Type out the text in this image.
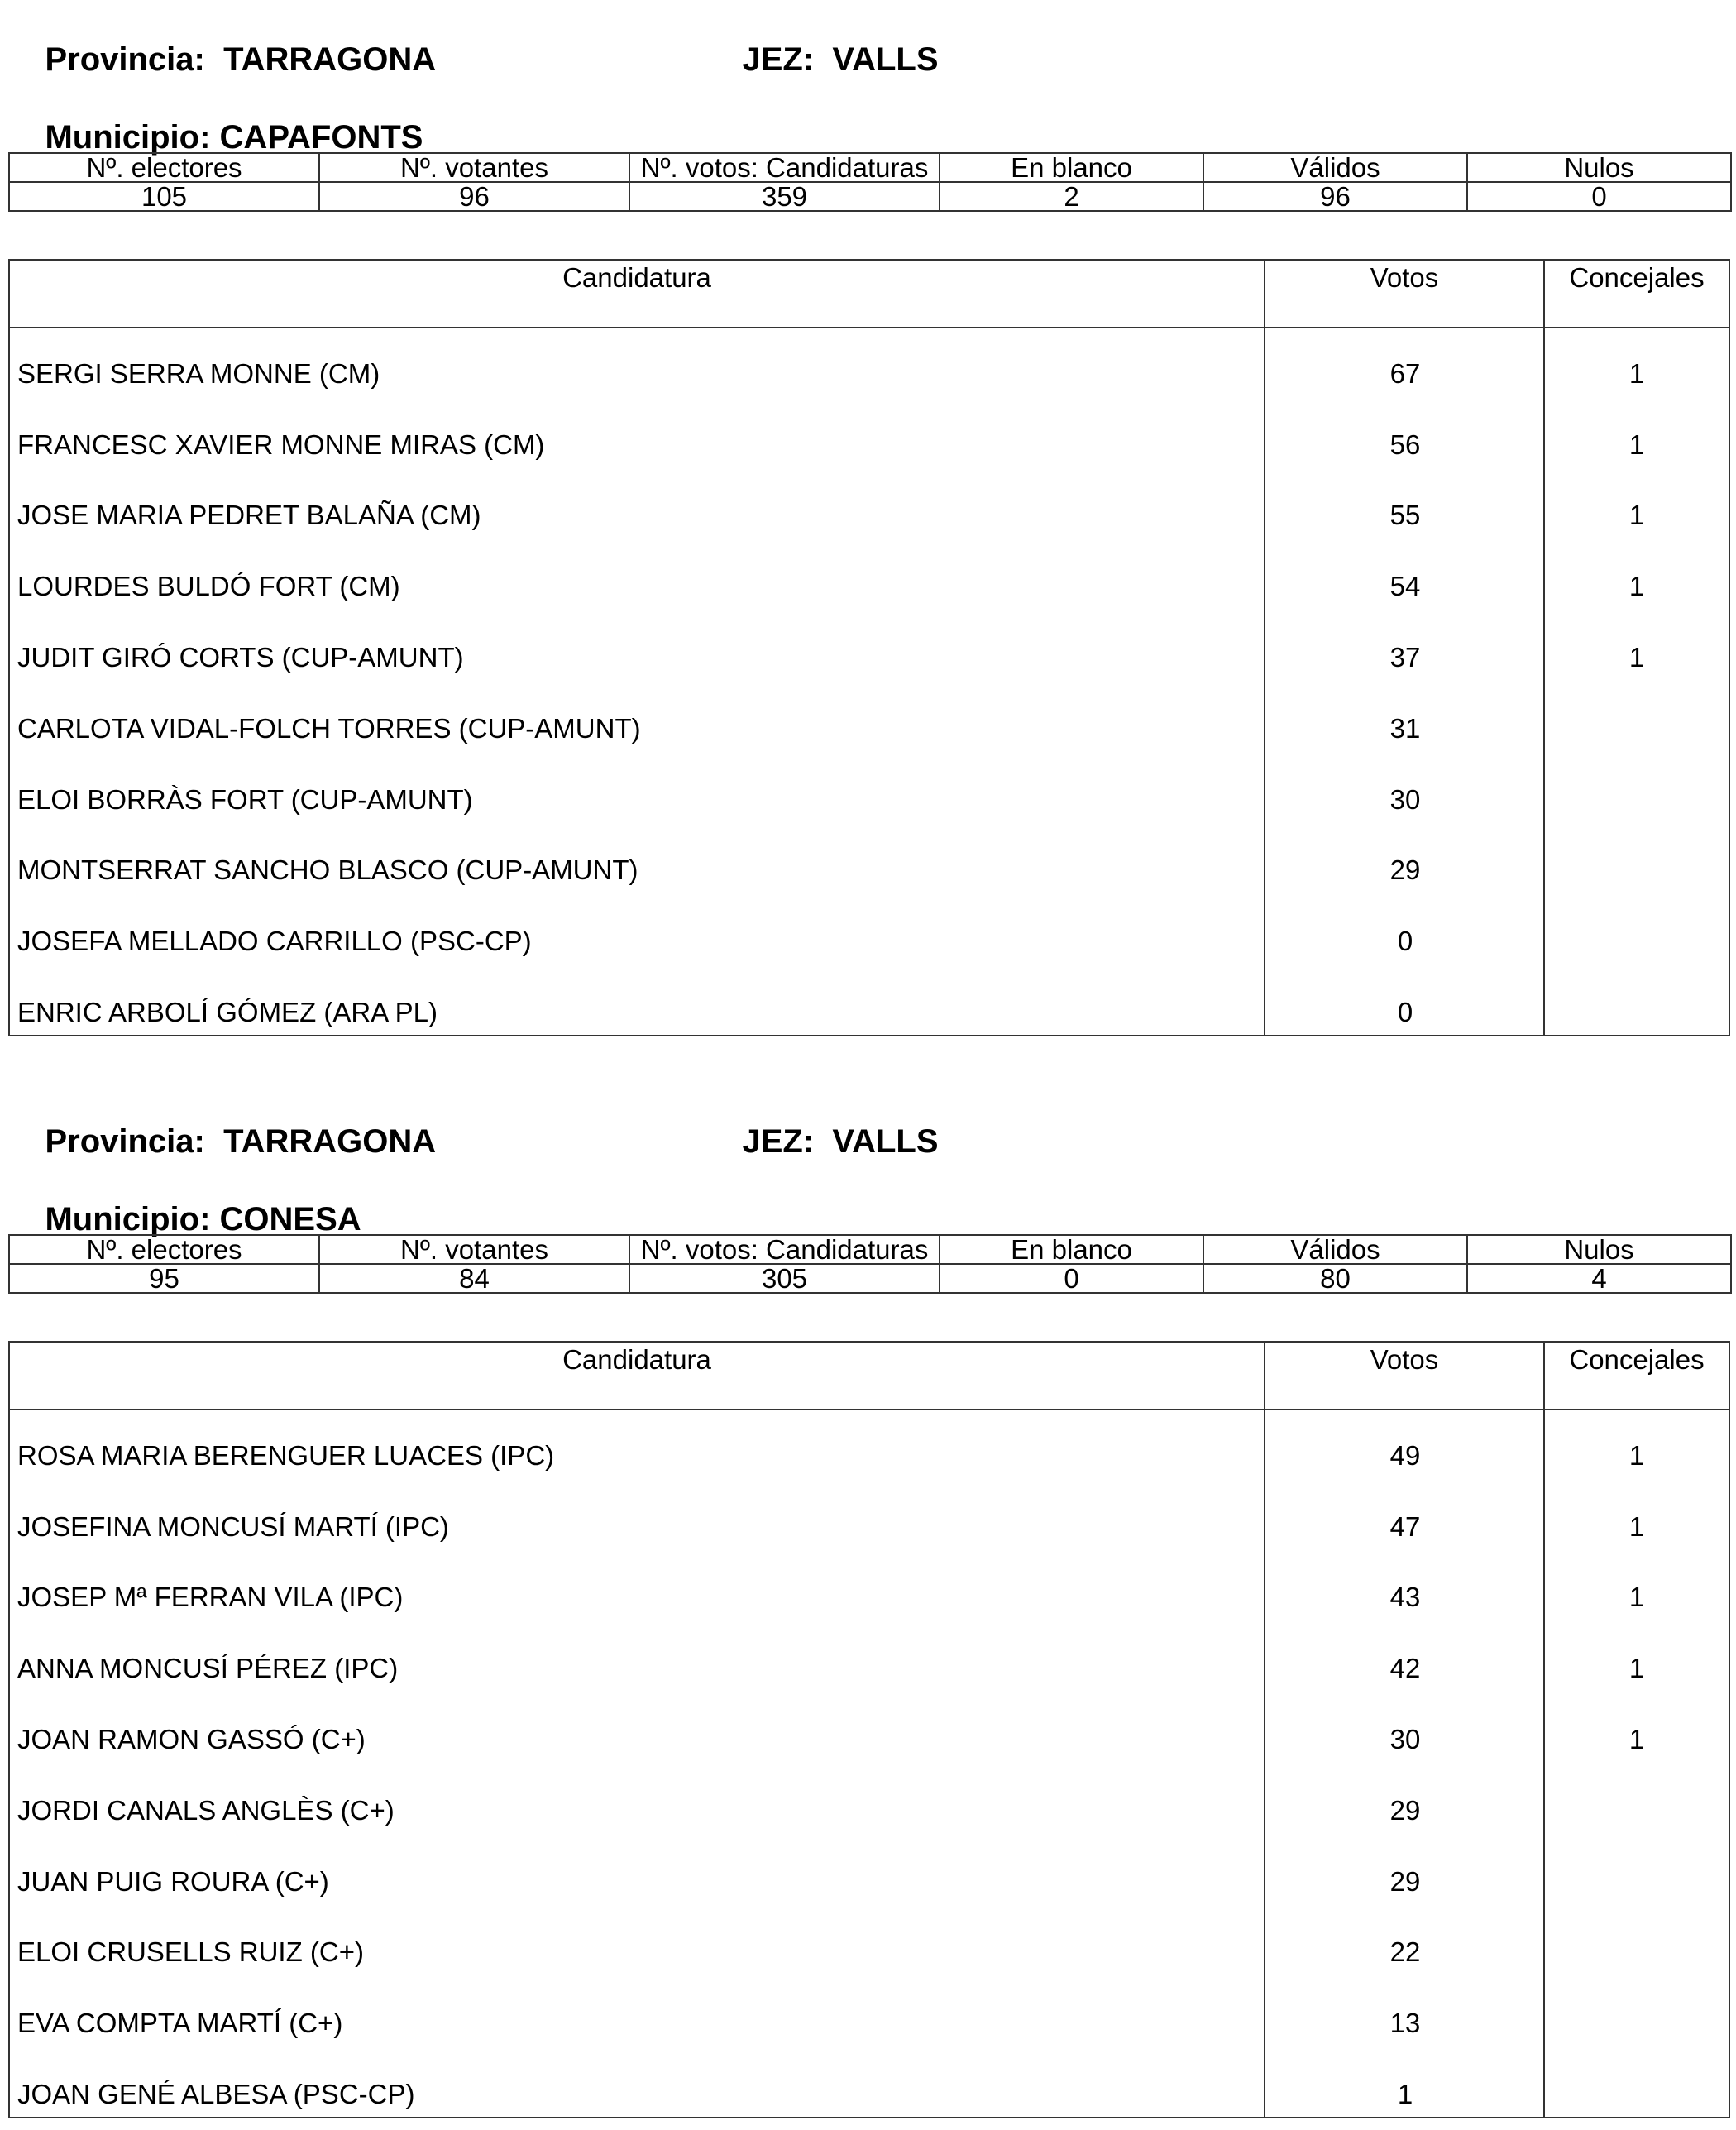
Provincia: TARRAGONA
	JEZ: VALLS

Municipio: CAPAFONTS

Nº. electores	Nº. votantes	Nº. votos: Candidaturas	En blanco	Válidos	Nulos
105	96	359	2	96	0
Candidatura	Votos	Concejales
SERGI SERRA MONNE (CM)	67	1
FRANCESC XAVIER MONNE MIRAS (CM)	56	1
JOSE MARIA PEDRET BALAÑA (CM)	55	1
LOURDES BULDÓ FORT (CM)	54	1
JUDIT GIRÓ CORTS (CUP-AMUNT)	37	1
CARLOTA VIDAL-FOLCH TORRES (CUP-AMUNT)	31
ELOI BORRÀS FORT (CUP-AMUNT)	30
MONTSERRAT SANCHO BLASCO (CUP-AMUNT)	29
JOSEFA MELLADO CARRILLO (PSC-CP)	0
ENRIC ARBOLÍ GÓMEZ (ARA PL)	0

Provincia: TARRAGONA
	JEZ: VALLS

Municipio: CONESA

Nº. electores	Nº. votantes	Nº. votos: Candidaturas	En blanco	Válidos	Nulos
95	84	305	0	80	4
Candidatura	Votos	Concejales
ROSA MARIA BERENGUER LUACES (IPC)	49	1
JOSEFINA MONCUSÍ MARTÍ (IPC)	47	1
JOSEP Mª FERRAN VILA (IPC)	43	1
ANNA MONCUSÍ PÉREZ (IPC)	42	1
JOAN RAMON GASSÓ (C+)	30	1
JORDI CANALS ANGLÈS (C+)	29
JUAN PUIG ROURA (C+)	29
ELOI CRUSELLS RUIZ (C+)	22
EVA COMPTA MARTÍ (C+)	13
JOAN GENÉ ALBESA (PSC-CP)	1
